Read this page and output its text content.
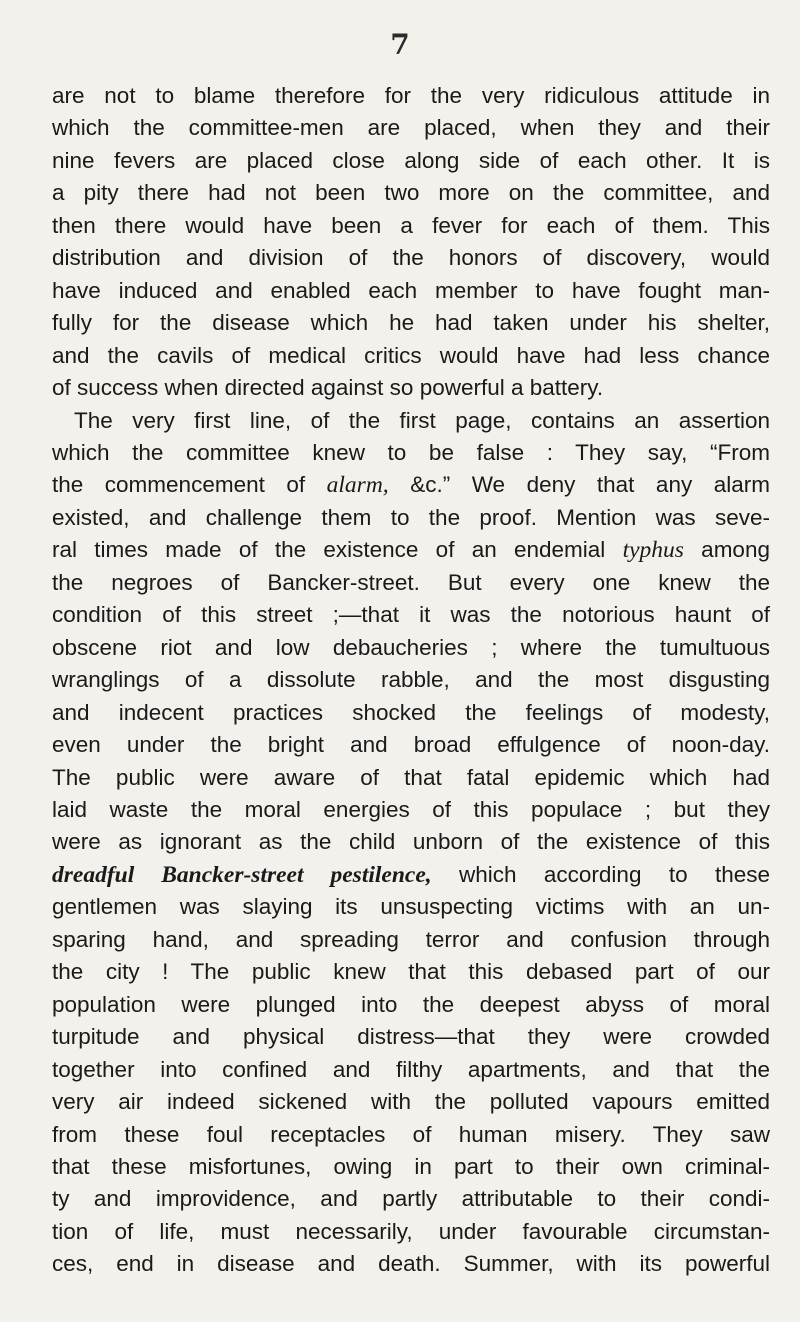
7
are not to blame therefore for the very ridiculous attitude in
which the committee-men are placed, when they and their
nine fevers are placed close along side of each other. It is
a pity there had not been two more on the committee, and
then there would have been a fever for each of them. This
distribution and division of the honors of discovery, would
have induced and enabled each member to have fought man-
fully for the disease which he had taken under his shelter,
and the cavils of medical critics would have had less chance
of success when directed against so powerful a battery.
The very first line, of the first page, contains an assertion
which the committee knew to be false : They say, “From
the commencement of alarm, &c.” We deny that any alarm
existed, and challenge them to the proof. Mention was seve-
ral times made of the existence of an endemial typhus among
the negroes of Bancker-street. But every one knew the
condition of this street ;—that it was the notorious haunt of
obscene riot and low debaucheries ; where the tumultuous
wranglings of a dissolute rabble, and the most disgusting
and indecent practices shocked the feelings of modesty,
even under the bright and broad effulgence of noon-day.
The public were aware of that fatal epidemic which had
laid waste the moral energies of this populace ; but they
were as ignorant as the child unborn of the existence of this
dreadful Bancker-street pestilence, which according to these
gentlemen was slaying its unsuspecting victims with an un-
sparing hand, and spreading terror and confusion through
the city ! The public knew that this debased part of our
population were plunged into the deepest abyss of moral
turpitude and physical distress—that they were crowded
together into confined and filthy apartments, and that the
very air indeed sickened with the polluted vapours emitted
from these foul receptacles of human misery. They saw
that these misfortunes, owing in part to their own criminal-
ty and improvidence, and partly attributable to their condi-
tion of life, must necessarily, under favourable circumstan-
ces, end in disease and death. Summer, with its powerful
